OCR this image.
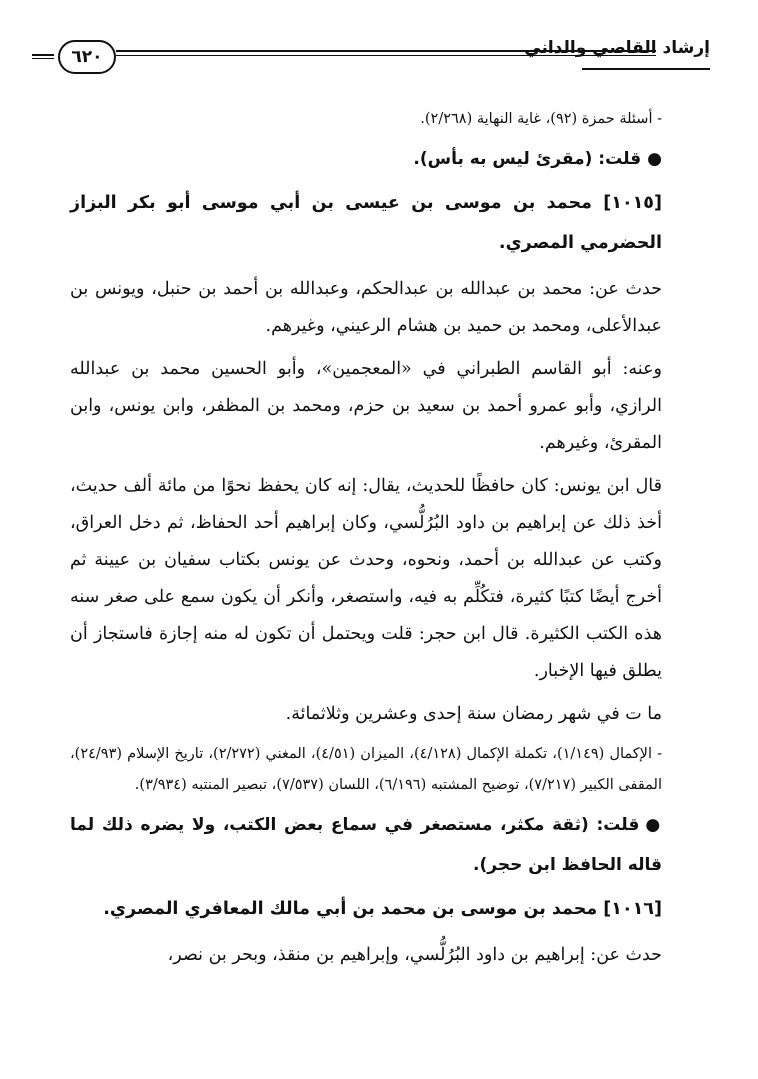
٦٢٠	إرشاد القاصي والداني

- أسئلة حمزة (٩٢)، غاية النهاية (٢/٢٦٨).

●قلت: (مقرئ ليس به بأس).

[١٠١٥] محمد بن موسى بن عيسى بن أبي موسى أبو بكر البزاز الحضرمي المصري.

حدث عن: محمد بن عبدالله بن عبدالحكم، وعبدالله بن أحمد بن حنبل، ويونس بن عبدالأعلى، ومحمد بن حميد بن هشام الرعيني، وغيرهم.

وعنه: أبو القاسم الطبراني في «المعجمين»، وأبو الحسين محمد بن عبدالله الرازي، وأبو عمرو أحمد بن سعيد بن حزم، ومحمد بن المظفر، وابن يونس، وابن المقرئ، وغيرهم.

قال ابن يونس: كان حافظًا للحديث، يقال: إنه كان يحفظ نحوًا من مائة ألف حديث، أخذ ذلك عن إبراهيم بن داود البُرُلُّسي، وكان إبراهيم أحد الحفاظ، ثم دخل العراق، وكتب عن عبدالله بن أحمد، ونحوه، وحدث عن يونس بكتاب سفيان بن عيينة ثم أخرج أيضًا كتبًا كثيرة، فتكُلِّم به فيه، واستصغر، وأنكر أن يكون سمع على صغر سنه هذه الكتب الكثيرة. قال ابن حجر: قلت ويحتمل أن تكون له منه إجازة فاستجاز أن يطلق فيها الإخبار.

ما ت في شهر رمضان سنة إحدى وعشرين وثلاثمائة.

- الإكمال (١/١٤٩)، تكملة الإكمال (٤/١٢٨)، الميزان (٤/٥١)، المغني (٢/٢٧٢)، تاريخ الإسلام (٢٤/٩٣)، المقفى الكبير (٧/٢١٧)، توضيح المشتبه (٦/١٩٦)، اللسان (٧/٥٣٧)، تبصير المنتبه (٣/٩٣٤).

●قلت: (ثقة مكثر، مستصغر في سماع بعض الكتب، ولا يضره ذلك لما قاله الحافظ ابن حجر).

[١٠١٦] محمد بن موسى بن محمد بن أبي مالك المعافري المصري.

حدث عن: إبراهيم بن داود البُرُلُّسي، وإبراهيم بن منقذ، وبحر بن نصر،
